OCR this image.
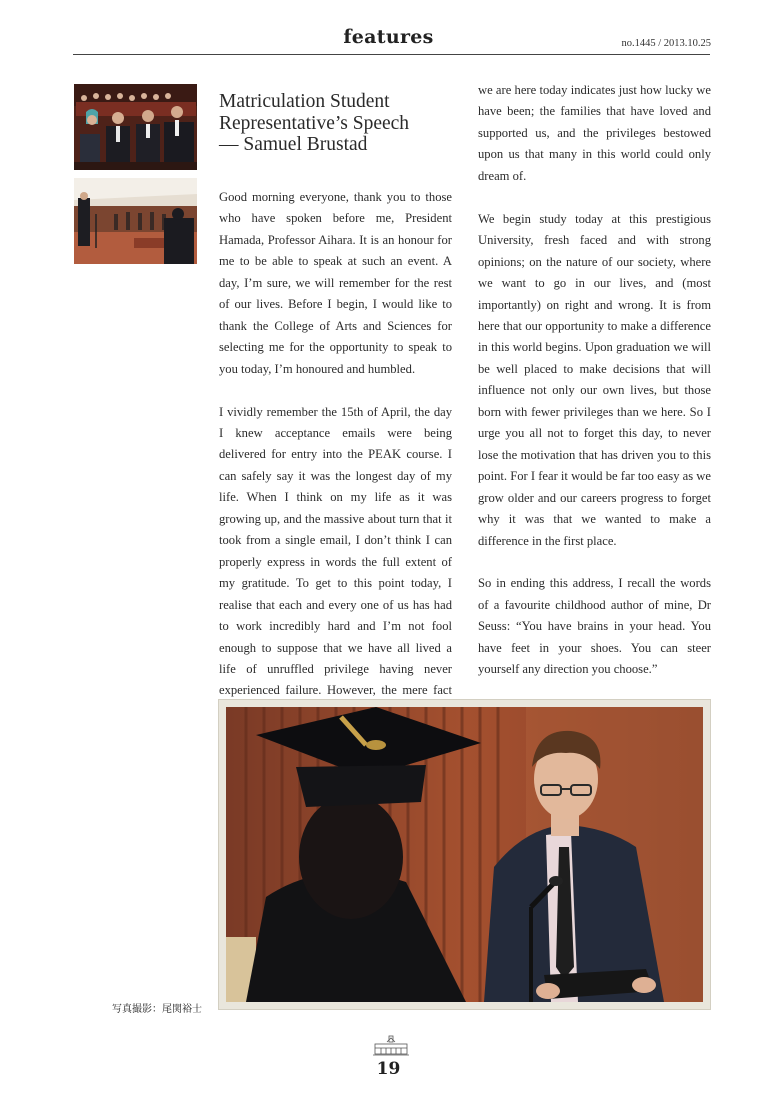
features	no.1445 / 2013.10.25
Matriculation Student
Representative’s Speech
— Samuel Brustad

Good morning everyone, thank you to those who have spoken before me, President Hamada, Professor Aihara. It is an honour for me to be able to speak at such an event. A day, I’m sure, we will remember for the rest of our lives. Before I begin, I would like to thank the College of Arts and Sciences for selecting me for the opportunity to speak to you today, I’m honoured and humbled.

I vividly remember the 15th of April, the day I knew acceptance emails were being delivered for entry into the PEAK course. I can safely say it was the longest day of my life. When I think on my life as it was growing up, and the massive about turn that it took from a single email, I don’t think I can properly express in words the full extent of my gratitude. To get to this point today, I realise that each and every one of us has had to work incredibly hard and I’m not fool enough to suppose that we have all lived a life of unruffled privilege having never experienced failure. However, the mere fact

we are here today indicates just how lucky we have been; the families that have loved and supported us, and the privileges bestowed upon us that many in this world could only dream of.

We begin study today at this prestigious University, fresh faced and with strong opinions; on the nature of our society, where we want to go in our lives, and (most importantly) on right and wrong. It is from here that our opportunity to make a difference in this world begins. Upon graduation we will be well placed to make decisions that will influence not only our own lives, but those born with fewer privileges than we here. So I urge you all not to forget this day, to never lose the motivation that has driven you to this point. For I fear it would be far too easy as we grow older and our careers progress to forget why it was that we wanted to make a difference in the first place.

So in ending this address, I recall the words of a favourite childhood author of mine, Dr Seuss: “You have brains in your head. You have feet in your shoes. You can steer yourself any direction you choose.”

写真撮影：尾関裕士
19
